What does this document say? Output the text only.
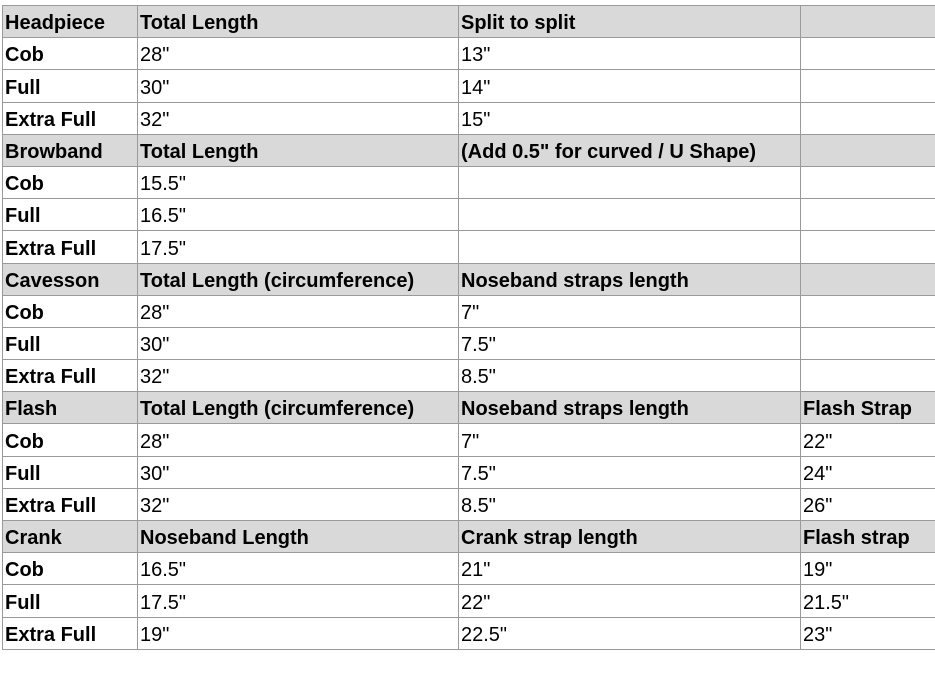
Headpiece	Total Length	Split to split	
Cob	28"	13"	
Full	30"	14"	
Extra Full	32"	15"	
Browband	Total Length	(Add 0.5" for curved / U Shape)	
Cob	15.5"		
Full	16.5"		
Extra Full	17.5"		
Cavesson	Total Length (circumference)	Noseband straps length	
Cob	28"	7"	
Full	30"	7.5"	
Extra Full	32"	8.5"	
Flash	Total Length (circumference)	Noseband straps length	Flash Strap
Cob	28"	7"	22"
Full	30"	7.5"	24"
Extra Full	32"	8.5"	26"
Crank	Noseband Length	Crank strap length	Flash strap
Cob	16.5"	21"	19"
Full	17.5"	22"	21.5"
Extra Full	19"	22.5"	23"
